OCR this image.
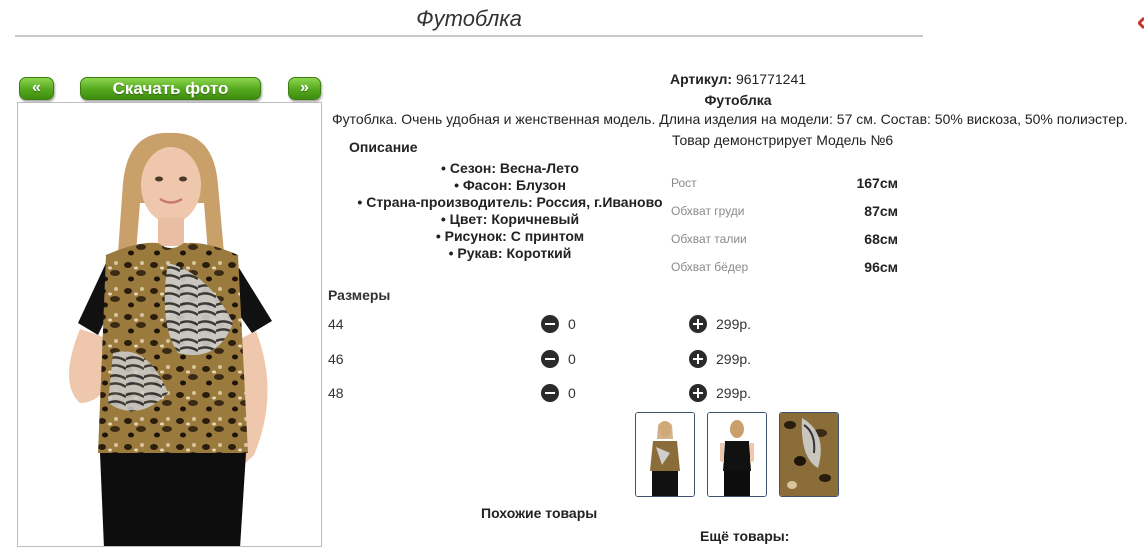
Футоблка
«	Скачать фото	»	Артикул: 961771241
Футоблка
Футоблка. Очень удобная и женственная модель. Длина изделия на модели: 57 см. Состав: 50% вискоза, 50% полиэстер.
Товар демонстрирует Модель №6
Описание
• Сезон: Весна-Лето
• Фасон: Блузон
• Страна-производитель: Россия, г.Иваново
• Цвет: Коричневый
• Рисунок: С принтом
• Рукав: Короткий
Рост	167см
Обхват груди	87см
Обхват талии	68см
Обхват бёдер	96см
Размеры
44	0	299р.
46	0	299р.
48	0	299р.
Похожие товары
Ещё товары:
